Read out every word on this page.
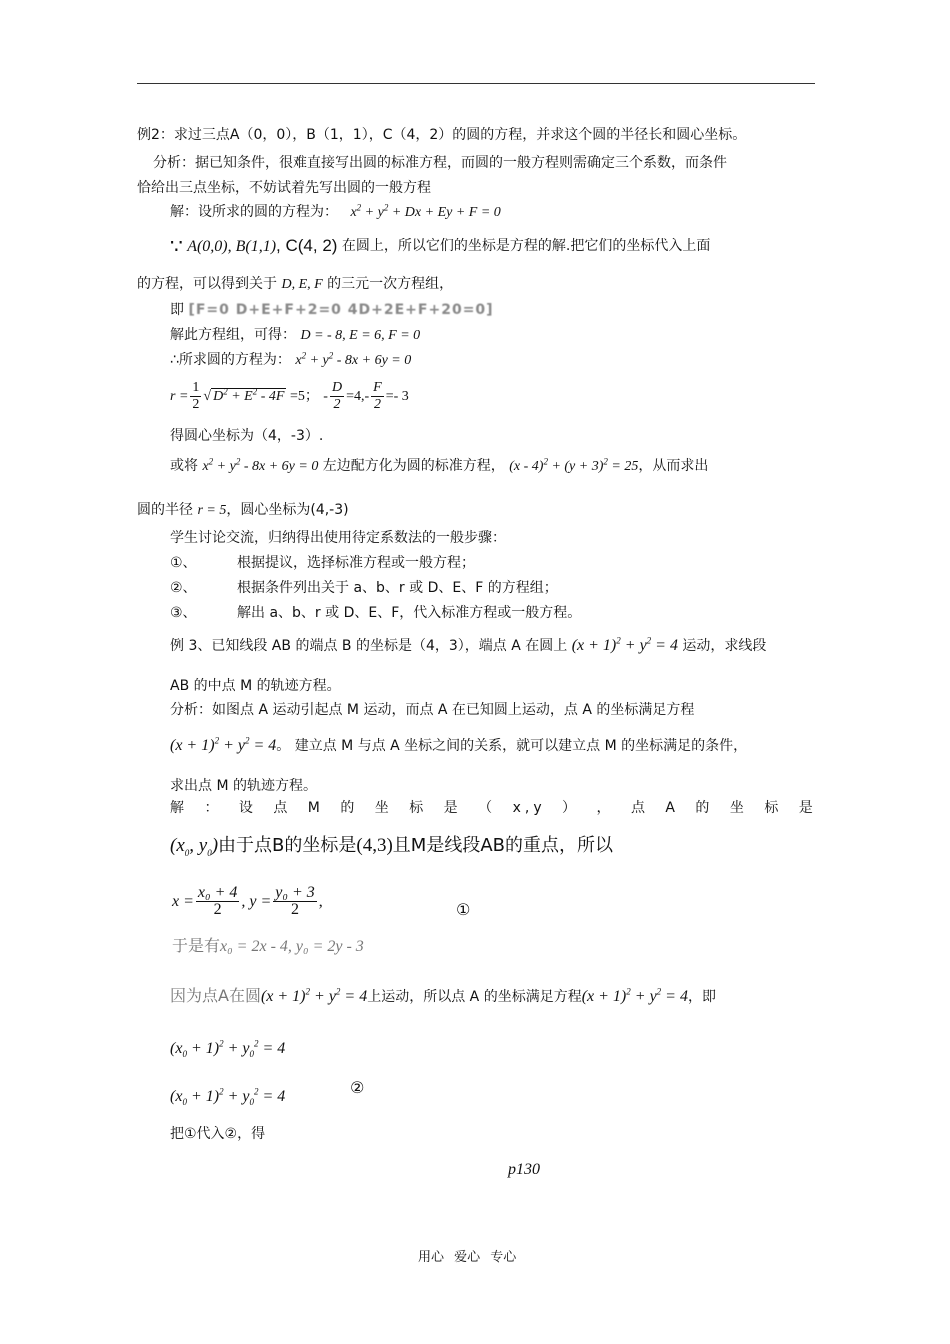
例2：求过三点A（0，0），B（1，1），C（4，2）的圆的方程，并求这个圆的半径长和圆心坐标。
分析：据已知条件，很难直接写出圆的标准方程，而圆的一般方程则需确定三个系数，而条件
恰给出三点坐标，不妨试着先写出圆的一般方程
解：设所求的圆的方程为： $x^2 + y^2 + Dx + Ey + F = 0$
∵ A(0,0), B(1,1), C(4, 2) 在圆上，所以它们的坐标是方程的解.把它们的坐标代入上面
的方程，可以得到关于 D, E, F 的三元一次方程组，
即 [F=0 D+E+F+2=0 4D+2E+F+20=0]
解此方程组，可得： D = - 8, E = 6, F = 0
∴所求圆的方程为： $x^2 + y^2 - 8x + 6y = 0$
$r = \frac{1}{2}$ √ $D^2 + E^2 - 4F =5$； - $\frac{D}{2} =4,- \frac{F}{2} =- 3$
得圆心坐标为（4，-3）.
或将 $x^2 + y^2 - 8x + 6y = 0$ 左边配方化为圆的标准方程， $(x - 4)^2 + (y + 3)^2 = 25$，从而求出
圆的半径 r = 5，圆心坐标为(4,-3)
学生讨论交流，归纳得出使用待定系数法的一般步骤：
①、	根据提议，选择标准方程或一般方程；
②、	根据条件列出关于 a、b、r 或 D、E、F 的方程组；
③、	解出 a、b、r 或 D、E、F，代入标准方程或一般方程。
例 3、已知线段 AB 的端点 B 的坐标是（4，3），端点 A 在圆上 $(x + 1)^2 + y^2 = 4$ 运动，求线段
AB 的中点 M 的轨迹方程。
分析：如图点 A 运动引起点 M 运动，而点 A 在已知圆上运动，点 A 的坐标满足方程
$(x + 1)^2 + y^2 = 4$。 建立点 M 与点 A 坐标之间的关系，就可以建立点 M 的坐标满足的条件，
求出点 M 的轨迹方程。
解 ： 设 点 M 的 坐 标 是 （ x,y ） ， 点 A 的 坐 标 是
($x_0$, $y_0$)由于点B的坐标是(4,3)且M是线段AB的重点，所以
$x = \frac{\text{x₀ + 4}}{2}$ , $y = \frac{\text{y₀ + 3}}{2}$ ,	①
于是有x₀ = 2x - 4, y₀ = 2y - 3
因为点A在圆$(x + 1)^2 + y^2 = 4$上运动，所以点 A 的坐标满足方程$(x + 1)^2 + y^2 = 4$，即
$(x_0 + 1)^2 + y_0^2 = 4$
$(x_0 + 1)^2 + y_0^2 = 4$	②
把①代入②，得
p130
用心 爱心 专心
